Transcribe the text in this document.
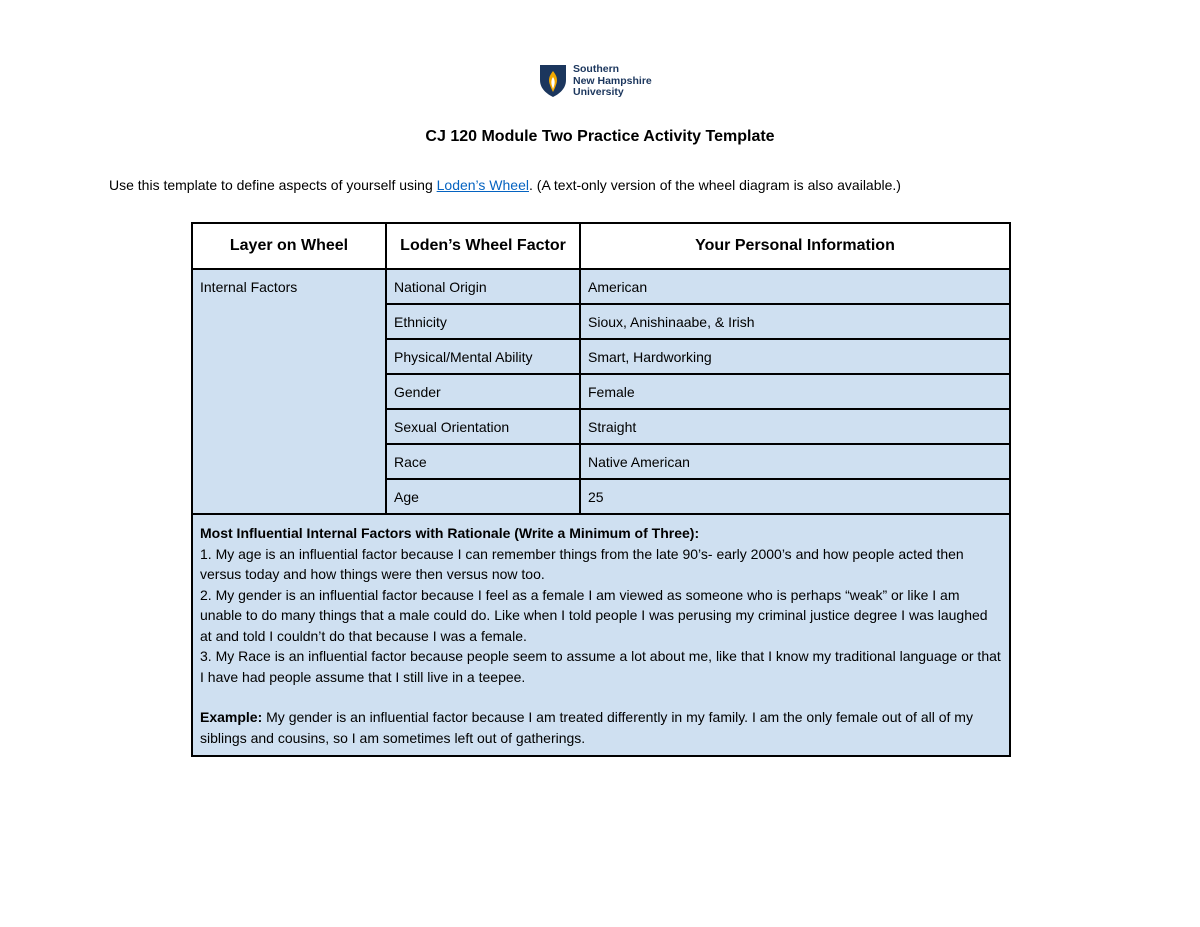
Southern
New Hampshire
University
CJ 120 Module Two Practice Activity Template
Use this template to define aspects of yourself using Loden’s Wheel. (A text-only version of the wheel diagram is also available.)
Layer on Wheel	Loden’s Wheel Factor	Your Personal Information
Internal Factors	National Origin	American
	Ethnicity	Sioux, Anishinaabe, & Irish
	Physical/Mental Ability	Smart, Hardworking
	Gender	Female
	Sexual Orientation	Straight
	Race	Native American
	Age	25

Most Influential Internal Factors with Rationale (Write a Minimum of Three):
1. My age is an influential factor because I can remember things from the late 90’s- early 2000’s and how people acted then versus today and how things were then versus now too.
2. My gender is an influential factor because I feel as a female I am viewed as someone who is perhaps “weak” or like I am unable to do many things that a male could do. Like when I told people I was perusing my criminal justice degree I was laughed at and told I couldn’t do that because I was a female.
3. My Race is an influential factor because people seem to assume a lot about me, like that I know my traditional language or that I have had people assume that I still live in a teepee.
Example: My gender is an influential factor because I am treated differently in my family. I am the only female out of all of my siblings and cousins, so I am sometimes left out of gatherings.		
